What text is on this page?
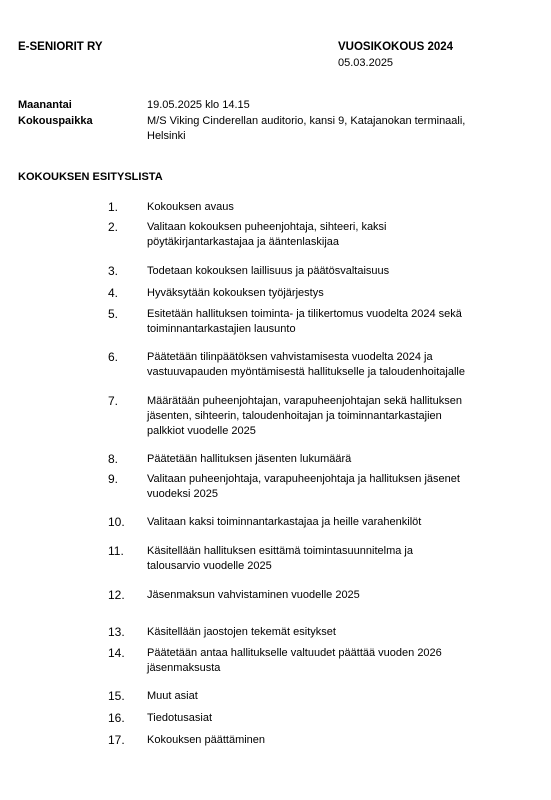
E-SENIORIT RY	VUOSIKOKOUS 2024
05.03.2025
Maanantai	19.05.2025 klo 14.15
Kokouspaikka	M/S Viking Cinderellan auditorio, kansi 9, Katajanokan terminaali, Helsinki
KOKOUKSEN ESITYSLISTA
1.	Kokouksen avaus
2.	Valitaan kokouksen puheenjohtaja, sihteeri, kaksi pöytäkirjantarkastajaa ja ääntenlaskijaa
3.	Todetaan kokouksen laillisuus ja päätösvaltaisuus
4.	Hyväksytään kokouksen työjärjestys
5.	Esitetään hallituksen toiminta- ja tilikertomus vuodelta 2024 sekä toiminnantarkastajien lausunto
6.	Päätetään tilinpäätöksen vahvistamisesta vuodelta 2024 ja vastuuvapauden myöntämisestä hallitukselle ja taloudenhoitajalle
7.	Määrätään puheenjohtajan, varapuheenjohtajan sekä hallituksen jäsenten, sihteerin, taloudenhoitajan ja toiminnantarkastajien palkkiot vuodelle 2025
8.	Päätetään hallituksen jäsenten lukumäärä
9.	Valitaan puheenjohtaja, varapuheenjohtaja ja hallituksen jäsenet vuodeksi 2025
10. Valitaan kaksi toiminnantarkastajaa ja heille varahenkilöt
11. Käsitellään hallituksen esittämä toimintasuunnitelma ja talousarvio vuodelle 2025
12. Jäsenmaksun vahvistaminen vuodelle 2025
13. Käsitellään jaostojen tekemät esitykset
14. Päätetään antaa hallitukselle valtuudet päättää vuoden 2026 jäsenmaksusta
15. Muut asiat
16. Tiedotusasiat
17. Kokouksen päättäminen
